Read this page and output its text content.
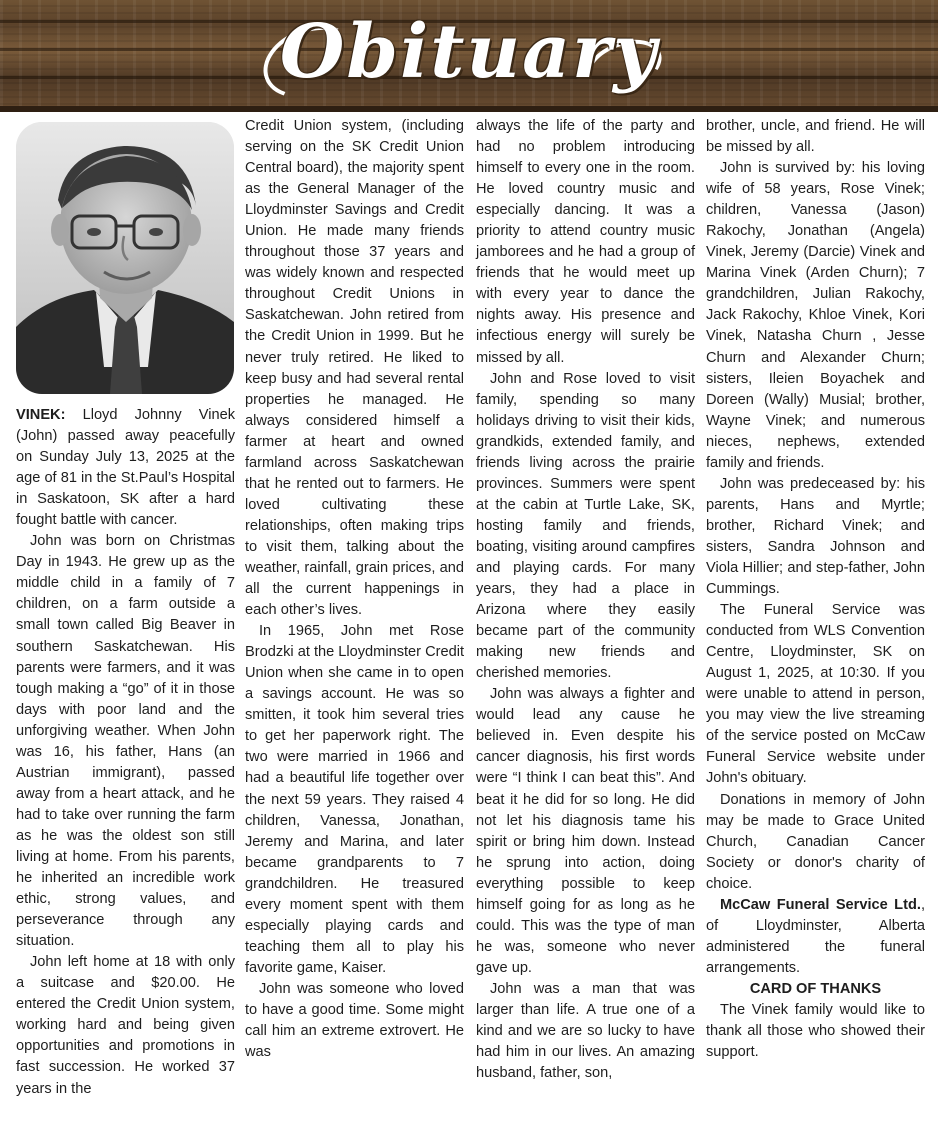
Obituary

VINEK: Lloyd Johnny Vinek (John) passed away peacefully on Sunday July 13, 2025 at the age of 81 in the St.Paul’s Hospital in Saskatoon, SK after a hard fought battle with cancer.

John was born on Christmas Day in 1943. He grew up as the middle child in a family of 7 children, on a farm outside a small town called Big Beaver in southern Saskatchewan. His parents were farmers, and it was tough making a “go” of it in those days with poor land and the unforgiving weather. When John was 16, his father, Hans (an Austrian immigrant), passed away from a heart attack, and he had to take over running the farm as he was the oldest son still living at home. From his parents, he inherited an incredible work ethic, strong values, and perseverance through any situation.

John left home at 18 with only a suitcase and $20.00. He entered the Credit Union system, working hard and being given opportunities and promotions in fast succession. He worked 37 years in the

Credit Union system, (including serving on the SK Credit Union Central board), the majority spent as the General Manager of the Lloydminster Savings and Credit Union. He made many friends throughout those 37 years and was widely known and respected throughout Credit Unions in Saskatchewan. John retired from the Credit Union in 1999. But he never truly retired. He liked to keep busy and had several rental properties he managed. He always considered himself a farmer at heart and owned farmland across Saskatchewan that he rented out to farmers. He loved cultivating these relationships, often making trips to visit them, talking about the weather, rainfall, grain prices, and all the current happenings in each other’s lives.

In 1965, John met Rose Brodzki at the Lloydminster Credit Union when she came in to open a savings account. He was so smitten, it took him several tries to get her paperwork right. The two were married in 1966 and had a beautiful life together over the next 59 years. They raised 4 children, Vanessa, Jonathan, Jeremy and Marina, and later became grandparents to 7 grandchildren. He treasured every moment spent with them especially playing cards and teaching them all to play his favorite game, Kaiser.

John was someone who loved to have a good time. Some might call him an extreme extrovert. He was

always the life of the party and had no problem introducing himself to every one in the room. He loved country music and especially dancing. It was a priority to attend country music jamborees and he had a group of friends that he would meet up with every year to dance the nights away. His presence and infectious energy will surely be missed by all.

John and Rose loved to visit family, spending so many holidays driving to visit their kids, grandkids, extended family, and friends living across the prairie provinces. Summers were spent at the cabin at Turtle Lake, SK, hosting family and friends, boating, visiting around campfires and playing cards. For many years, they had a place in Arizona where they easily became part of the community making new friends and cherished memories.

John was always a fighter and would lead any cause he believed in. Even despite his cancer diagnosis, his first words were “I think I can beat this”. And beat it he did for so long. He did not let his diagnosis tame his spirit or bring him down. Instead he sprung into action, doing everything possible to keep himself going for as long as he could. This was the type of man he was, someone who never gave up.

John was a man that was larger than life. A true one of a kind and we are so lucky to have had him in our lives. An amazing husband, father, son,

brother, uncle, and friend. He will be missed by all.

John is survived by: his loving wife of 58 years, Rose Vinek; children, Vanessa (Jason) Rakochy, Jonathan (Angela) Vinek, Jeremy (Darcie) Vinek and Marina Vinek (Arden Churn); 7 grandchildren, Julian Rakochy, Jack Rakochy, Khloe Vinek, Kori Vinek, Natasha Churn , Jesse Churn and Alexander Churn; sisters, Ileien Boyachek and Doreen (Wally) Musial; brother, Wayne Vinek; and numerous nieces, nephews, extended family and friends.

John was predeceased by: his parents, Hans and Myrtle; brother, Richard Vinek; and sisters, Sandra Johnson and Viola Hillier; and step-father, John Cummings.

The Funeral Service was conducted from WLS Convention Centre, Lloydminster, SK on August 1, 2025, at 10:30. If you were unable to attend in person, you may view the live streaming of the service posted on McCaw Funeral Service website under John's obituary.

Donations in memory of John may be made to Grace United Church, Canadian Cancer Society or donor's charity of choice.

McCaw Funeral Service Ltd., of Lloydminster, Alberta administered the funeral arrangements.

CARD OF THANKS

The Vinek family would like to thank all those who showed their support.
